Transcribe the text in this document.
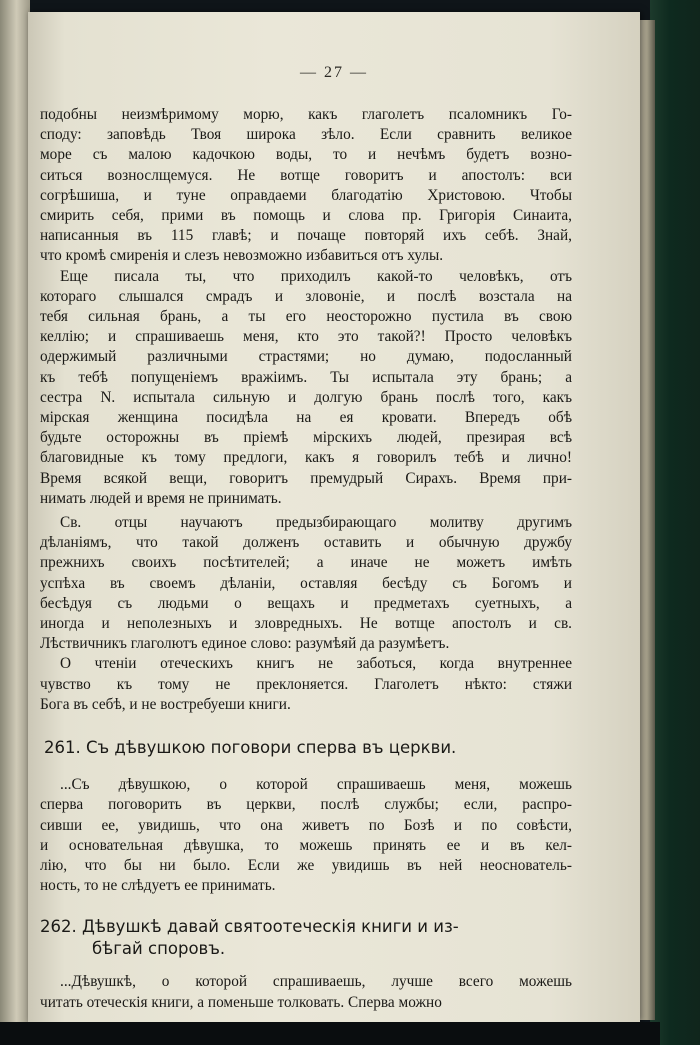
— 27 —

подобны неизмѣримому морю, какъ глаголетъ псаломникъ Го-
споду: заповѣдь Твоя широка зѣло. Если сравнить великое
море съ малою кадочкою воды, то и нечѣмъ будетъ возно-
ситься вознослщемуся. Не вотще говоритъ и апостолъ: вси
согрѣшиша, и туне оправдаеми благодатію Христовою. Чтобы
смирить себя, прими въ помощь и слова пр. Григорія Синаита,
написанныя въ 115 главѣ; и почаще повторяй ихъ себѣ. Знай,
что кромѣ смиренія и слезъ невозможно избавиться отъ хулы.

Еще писала ты, что приходилъ какой-то человѣкъ, отъ
котораго слышался смрадъ и зловоніе, и послѣ возстала на
тебя сильная брань, а ты его неосторожно пустила въ свою
келлію; и спрашиваешь меня, кто это такой?! Просто человѣкъ
одержимый различными страстями; но думаю, подосланный
къ тебѣ попущеніемъ вражіимъ. Ты испытала эту брань; а
сестра N. испытала сильную и долгую брань послѣ того, какъ
мірская женщина посидѣла на ея кровати. Впередъ обѣ
будьте осторожны въ пріемѣ мірскихъ людей, презирая всѣ
благовидные къ тому предлоги, какъ я говорилъ тебѣ и лично!
Время всякой вещи, говоритъ премудрый Сирахъ. Время при-
нимать людей и время не принимать.

Св. отцы научаютъ предызбирающаго молитву другимъ
дѣланіямъ, что такой долженъ оставить и обычную дружбу
прежнихъ своихъ посѣтителей; а иначе не можетъ имѣть
успѣха въ своемъ дѣланіи, оставляя бесѣду съ Богомъ и
бесѣдуя съ людьми о вещахъ и предметахъ суетныхъ, а
иногда и неполезныхъ и зловредныхъ. Не вотще апостолъ и св.
Лѣствичникъ глаголютъ единое слово: разумѣяй да разумѣетъ.

О чтеніи отеческихъ книгъ не заботься, когда внутреннее
чувство къ тому не преклоняется. Глаголетъ нѣкто: стяжи
Бога въ себѣ, и не востребуеши книги.

261. Съ дѣвушкою поговори сперва въ церкви.

...Съ дѣвушкою, о которой спрашиваешь меня, можешь
сперва поговорить въ церкви, послѣ службы; если, распро-
сивши ее, увидишь, что она живетъ по Бозѣ и по совѣсти,
и основательная дѣвушка, то можешь принять ее и въ кел-
лію, что бы ни было. Если же увидишь въ ней неоснователь-
ность, то не слѣдуетъ ее принимать.

262. Дѣвушкѣ давай святоотеческія книги и из-
бѣгай споровъ.

...Дѣвушкѣ, о которой спрашиваешь, лучше всего можешь
читать отеческія книги, а поменьше толковать. Сперва можно
